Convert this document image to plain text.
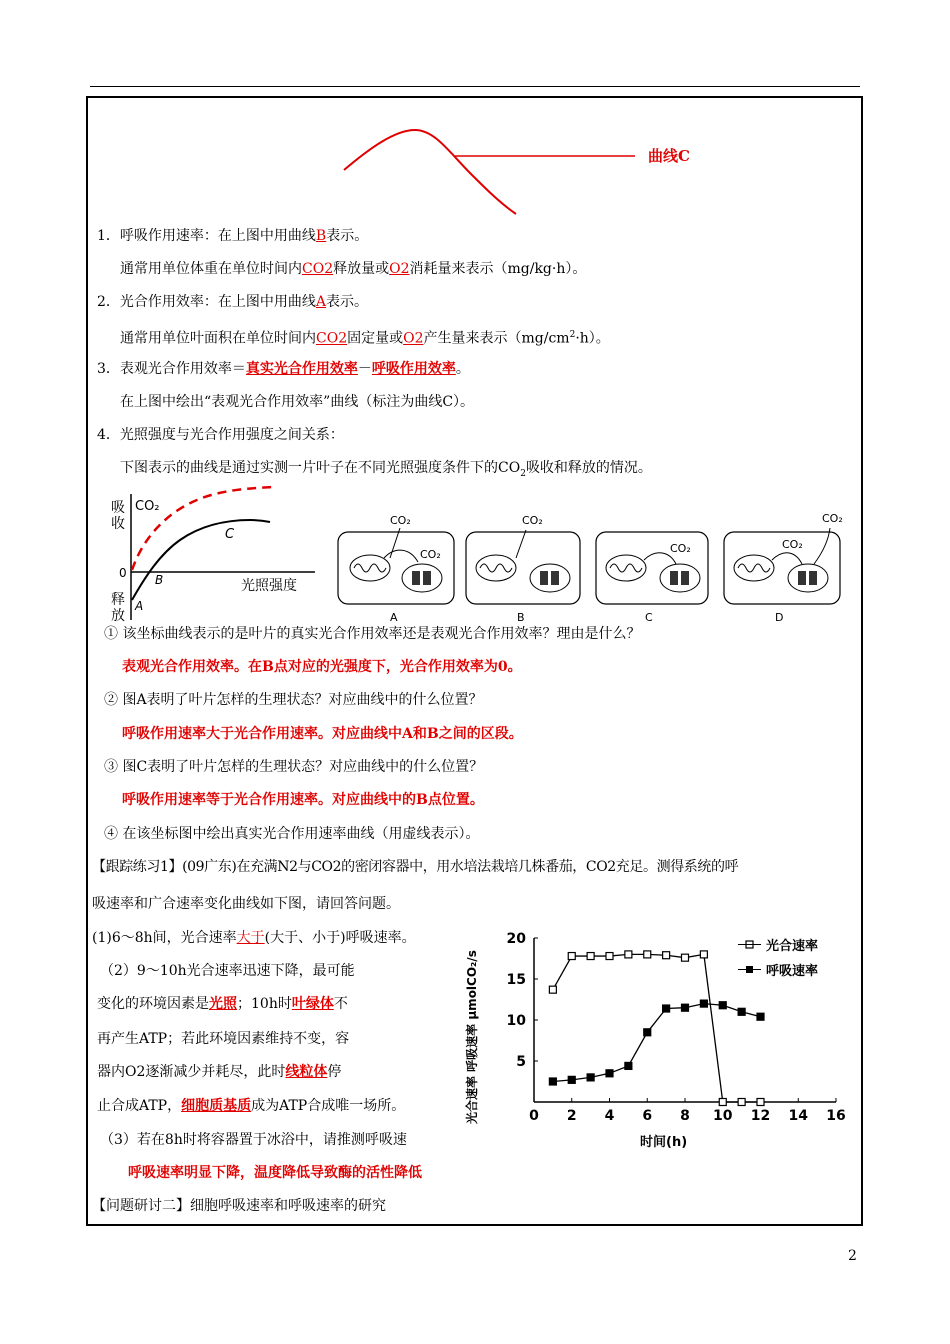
曲线C
1．呼吸作用速率：在上图中用曲线B表示。
通常用单位体重在单位时间内CO2释放量或O2消耗量来表示（mg/kg·h）。
2．光合作用效率：在上图中用曲线A表示。
通常用单位叶面积在单位时间内CO2固定量或O2产生量来表示$(mg/cm^2\cdot h)$。
3．表观光合作用效率＝真实光合作用效率－呼吸作用效率。
在上图中绘出“表观光合作用效率”曲线（标注为曲线C）。
4．光照强度与光合作用强度之间关系：
下图表示的曲线是通过实测一片叶子在不同光照强度条件下的$CO_2$吸收和释放的情况。
吸
收
CO₂
0
释
放
光照强度
A
B
C
CO₂
CO₂
A
CO₂
B
CO₂
C
CO₂
CO₂
D
① 该坐标曲线表示的是叶片的真实光合作用效率还是表观光合作用效率？理由是什么？
表观光合作用效率。在B点对应的光强度下，光合作用效率为0。
② 图A表明了叶片怎样的生理状态？对应曲线中的什么位置？
呼吸作用速率大于光合作用速率。对应曲线中A和B之间的区段。
③ 图C表明了叶片怎样的生理状态？对应曲线中的什么位置？
呼吸作用速率等于光合作用速率。对应曲线中的B点位置。
④ 在该坐标图中绘出真实光合作用速率曲线（用虚线表示）。
【跟踪练习1】(09广东)在充满N2与CO2的密闭容器中，用水培法栽培几株番茄，CO2充足。测得系统的呼
吸速率和广合速率变化曲线如下图，请回答问题。
(1)6～8h间，光合速率大于(大于、小于)呼吸速率。
（2）9～10h光合速率迅速下降，最可能
变化的环境因素是光照；10h时叶绿体不
再产生ATP；若此环境因素维持不变，容
器内O2逐渐减少并耗尽，此时线粒体停
止合成ATP，细胞质基质成为ATP合成唯一场所。
（3）若在8h时将容器置于冰浴中，请推测呼吸速
呼吸速率明显下降，温度降低导致酶的活性降低
【问题研讨二】细胞呼吸速率和呼吸速率的研究
光合速率 呼吸速率 μmolCO₂/s	0 2 4 6 8 10 12 14 16
5
10
15
20
时间(h)
光合速率
呼吸速率
2
